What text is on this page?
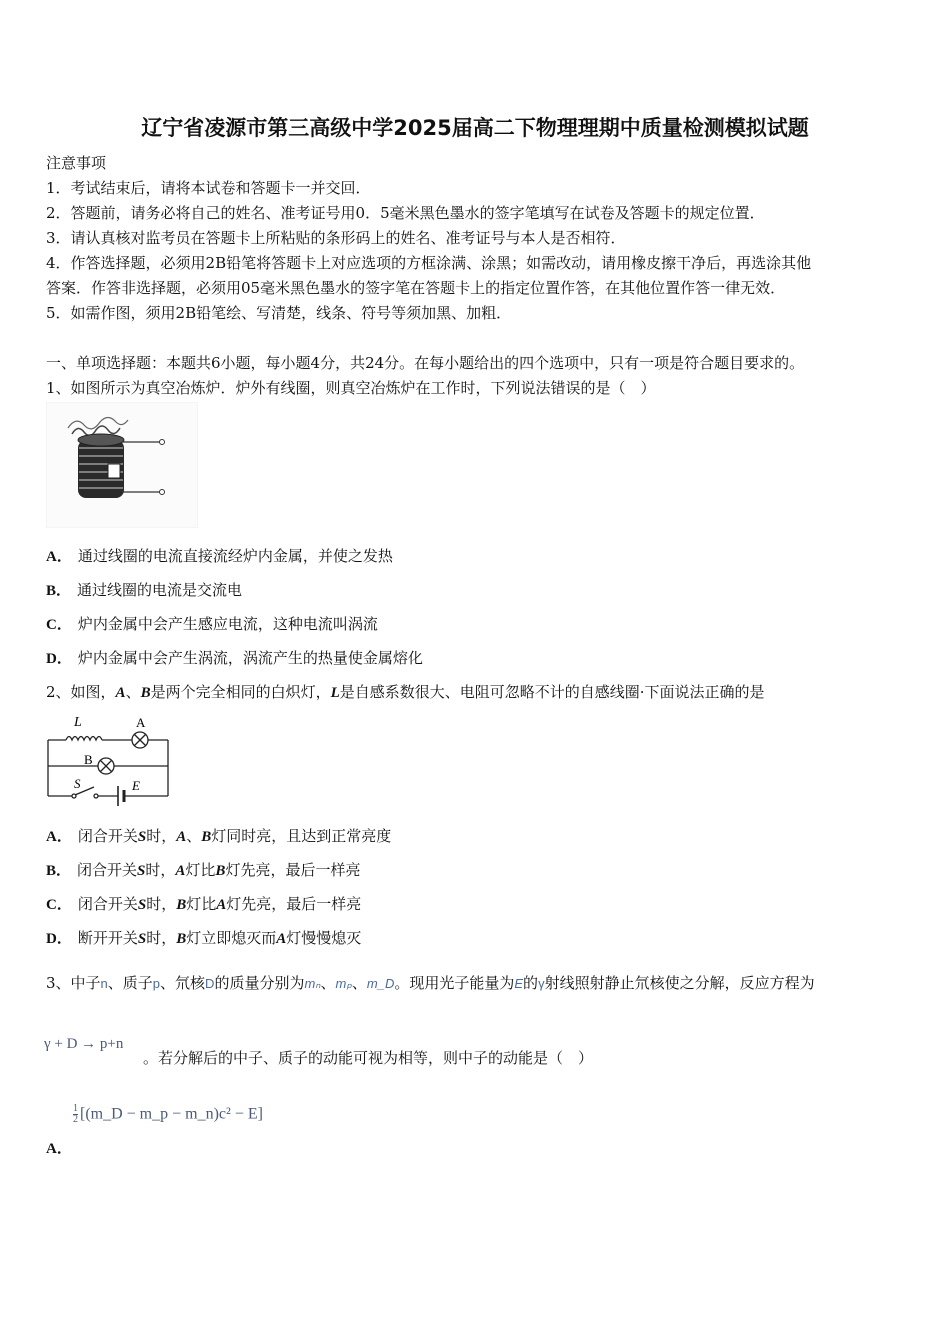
辽宁省凌源市第三高级中学2025届高二下物理理期中质量检测模拟试题
注意事项
1．考试结束后，请将本试卷和答题卡一并交回．
2．答题前，请务必将自己的姓名、准考证号用0．5毫米黑色墨水的签字笔填写在试卷及答题卡的规定位置．
3．请认真核对监考员在答题卡上所粘贴的条形码上的姓名、准考证号与本人是否相符．
4．作答选择题，必须用2B铅笔将答题卡上对应选项的方框涂满、涂黑；如需改动，请用橡皮擦干净后，再选涂其他
答案．作答非选择题，必须用05毫米黑色墨水的签字笔在答题卡上的指定位置作答，在其他位置作答一律无效．
5．如需作图，须用2B铅笔绘、写清楚，线条、符号等须加黑、加粗．
一、单项选择题：本题共6小题，每小题4分，共24分。在每小题给出的四个选项中，只有一项是符合题目要求的。
1、如图所示为真空冶炼炉．炉外有线圈，则真空冶炼炉在工作时，下列说法错误的是（　）
A． 通过线圈的电流直接流经炉内金属，并使之发热
B． 通过线圈的电流是交流电
C． 炉内金属中会产生感应电流，这种电流叫涡流
D． 炉内金属中会产生涡流，涡流产生的热量使金属熔化
2、如图，A、B是两个完全相同的白炽灯，L是自感系数很大、电阻可忽略不计的自感线圈·下面说法正确的是
L	A
B
S	E
A． 闭合开关S时，A、B灯同时亮，且达到正常亮度
B． 闭合开关S时，A灯比B灯先亮，最后一样亮
C． 闭合开关S时，B灯比A灯先亮，最后一样亮
D． 断开开关S时，B灯立即熄灭而A灯慢慢熄灭
3、中子n、质子p、氘核D的质量分别为mₙ、mₚ、m_D。现用光子能量为E的γ射线照射静止氘核使之分解，反应方程为
γ + D → p+n
。若分解后的中子、质子的动能可视为相等，则中子的动能是（　）
$\frac{1}{2}$ [(m_D − m_p − m_n)c² − E]
A．
